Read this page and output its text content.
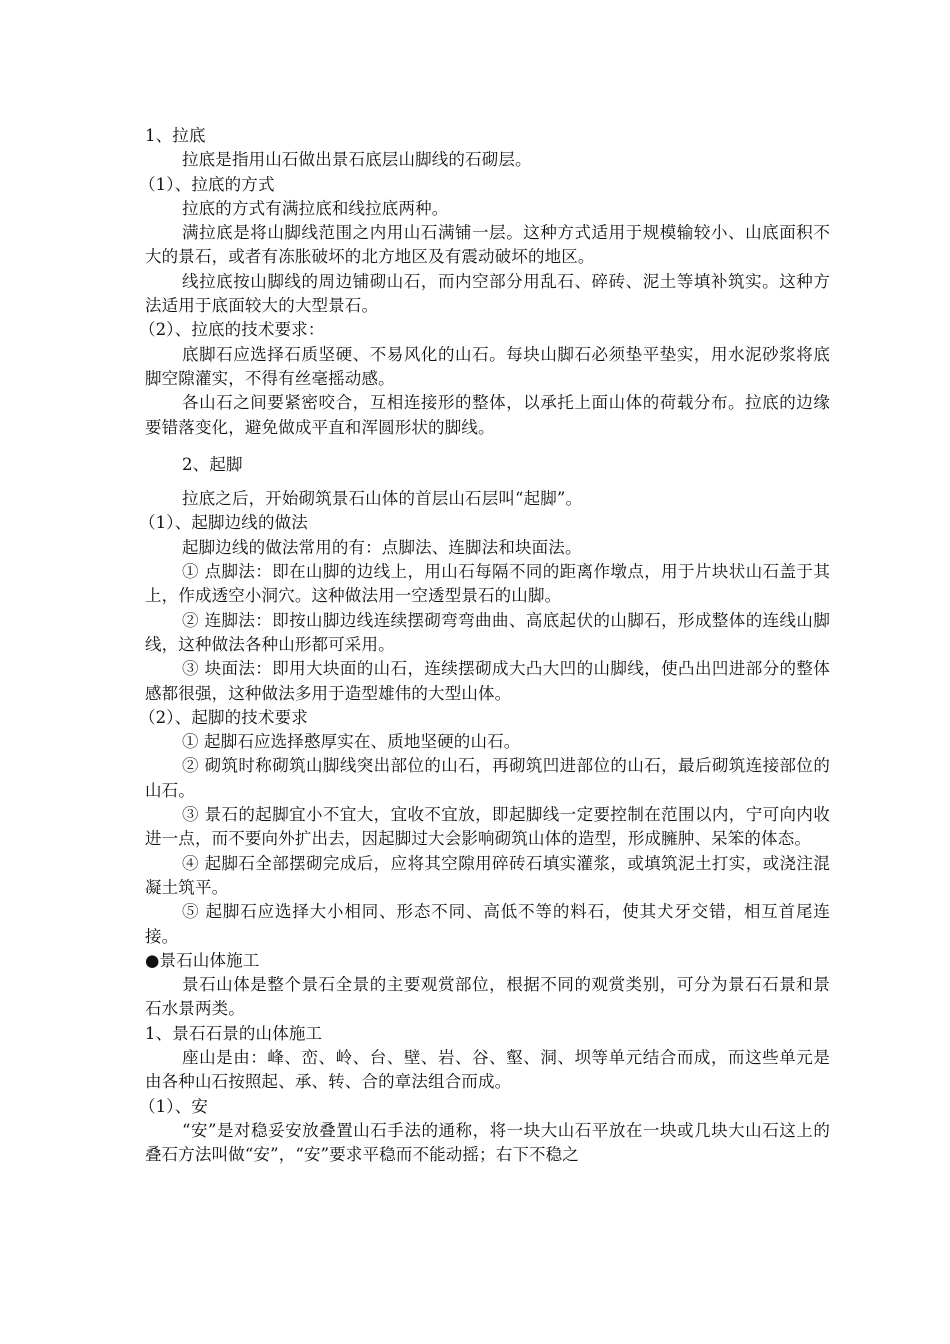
1、拉底

拉底是指用山石做出景石底层山脚线的石砌层。

（1）、拉底的方式

拉底的方式有满拉底和线拉底两种。

满拉底是将山脚线范围之内用山石满铺一层。这种方式适用于规模输较小、山底面积不大的景石，或者有冻胀破坏的北方地区及有震动破坏的地区。

线拉底按山脚线的周边铺砌山石，而内空部分用乱石、碎砖、泥土等填补筑实。这种方法适用于底面较大的大型景石。

（2）、拉底的技术要求：

底脚石应选择石质坚硬、不易风化的山石。每块山脚石必须垫平垫实，用水泥砂浆将底脚空隙灌实，不得有丝毫摇动感。

各山石之间要紧密咬合，互相连接形的整体，以承托上面山体的荷载分布。拉底的边缘要错落变化，避免做成平直和浑圆形状的脚线。

2、起脚

拉底之后，开始砌筑景石山体的首层山石层叫“起脚”。

（1）、起脚边线的做法

起脚边线的做法常用的有：点脚法、连脚法和块面法。

① 点脚法：即在山脚的边线上，用山石每隔不同的距离作墩点，用于片块状山石盖于其上，作成透空小洞穴。这种做法用一空透型景石的山脚。

② 连脚法：即按山脚边线连续摆砌弯弯曲曲、高底起伏的山脚石，形成整体的连线山脚线，这种做法各种山形都可采用。

③ 块面法：即用大块面的山石，连续摆砌成大凸大凹的山脚线，使凸出凹进部分的整体感都很强，这种做法多用于造型雄伟的大型山体。

（2）、起脚的技术要求

① 起脚石应选择憨厚实在、质地坚硬的山石。

② 砌筑时称砌筑山脚线突出部位的山石，再砌筑凹进部位的山石，最后砌筑连接部位的山石。

③ 景石的起脚宜小不宜大，宜收不宜放，即起脚线一定要控制在范围以内，宁可向内收进一点，而不要向外扩出去，因起脚过大会影响砌筑山体的造型，形成臃肿、呆笨的体态。

④ 起脚石全部摆砌完成后，应将其空隙用碎砖石填实灌浆，或填筑泥土打实，或浇注混凝土筑平。

⑤ 起脚石应选择大小相同、形态不同、高低不等的料石，使其犬牙交错，相互首尾连接。

●景石山体施工

景石山体是整个景石全景的主要观赏部位，根据不同的观赏类别，可分为景石石景和景石水景两类。

1、景石石景的山体施工

座山是由：峰、峦、岭、台、壁、岩、谷、壑、洞、坝等单元结合而成，而这些单元是由各种山石按照起、承、转、合的章法组合而成。

（1）、安

“安”是对稳妥安放叠置山石手法的通称，将一块大山石平放在一块或几块大山石这上的叠石方法叫做“安”，“安”要求平稳而不能动摇；右下不稳之
